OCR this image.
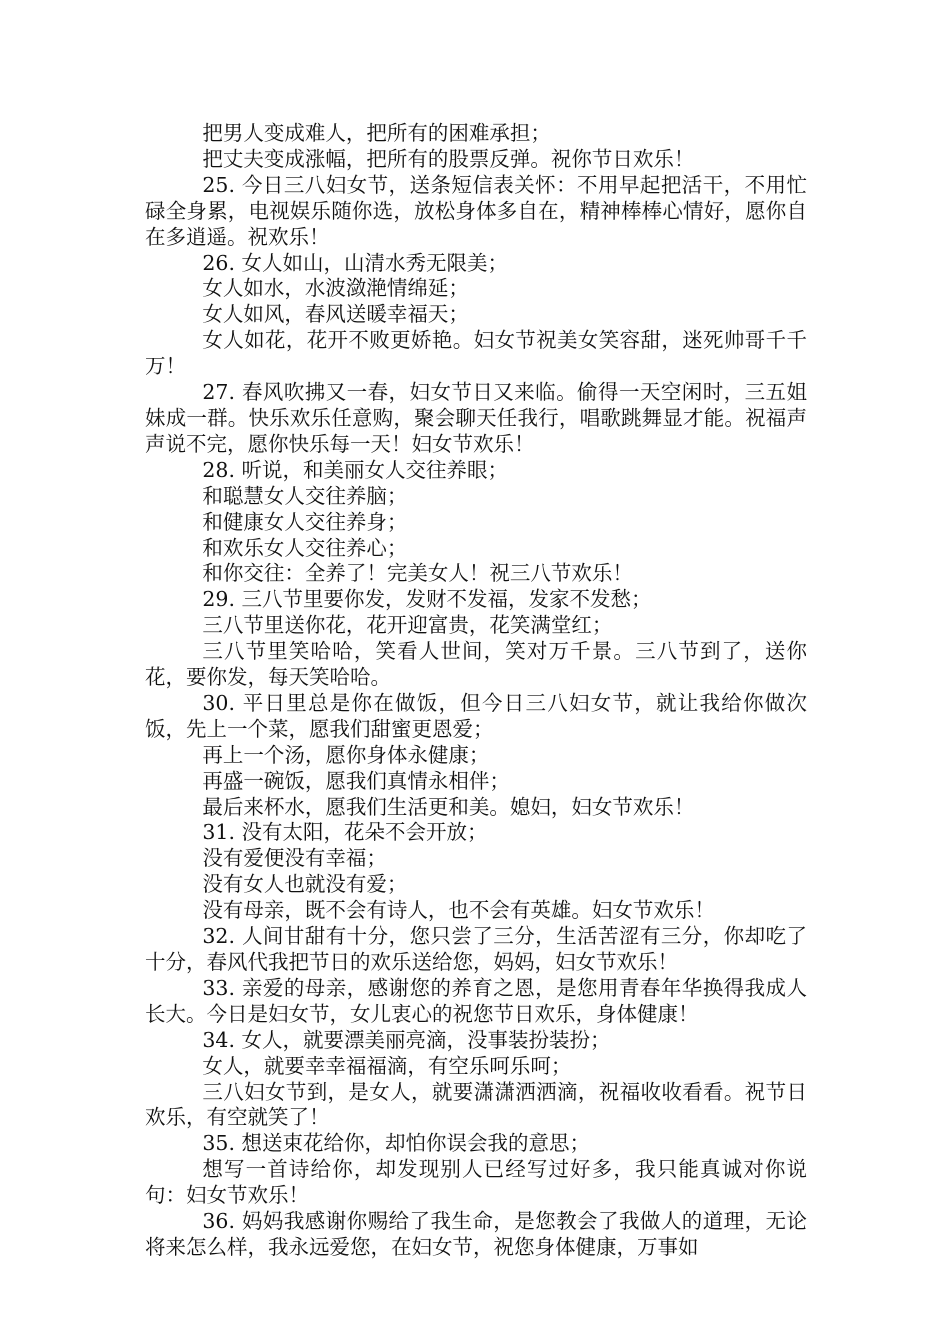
把男人变成难人，把所有的困难承担；

把丈夫变成涨幅，把所有的股票反弹。祝你节日欢乐！

25. 今日三八妇女节，送条短信表关怀：不用早起把活干，不用忙碌全身累，电视娱乐随你选，放松身体多自在，精神棒棒心情好，愿你自在多逍遥。祝欢乐！

26. 女人如山，山清水秀无限美；

女人如水，水波潋滟情绵延；

女人如风，春风送暖幸福天；

女人如花，花开不败更娇艳。妇女节祝美女笑容甜，迷死帅哥千千万！

27. 春风吹拂又一春，妇女节日又来临。偷得一天空闲时，三五姐妹成一群。快乐欢乐任意购，聚会聊天任我行，唱歌跳舞显才能。祝福声声说不完，愿你快乐每一天！妇女节欢乐！

28. 听说，和美丽女人交往养眼；

和聪慧女人交往养脑；

和健康女人交往养身；

和欢乐女人交往养心；

和你交往：全养了！完美女人！祝三八节欢乐！

29. 三八节里要你发，发财不发福，发家不发愁；

三八节里送你花，花开迎富贵，花笑满堂红；

三八节里笑哈哈，笑看人世间，笑对万千景。三八节到了，送你花，要你发，每天笑哈哈。

30. 平日里总是你在做饭，但今日三八妇女节，就让我给你做次饭，先上一个菜，愿我们甜蜜更恩爱；

再上一个汤，愿你身体永健康；

再盛一碗饭，愿我们真情永相伴；

最后来杯水，愿我们生活更和美。媳妇，妇女节欢乐！

31. 没有太阳，花朵不会开放；

没有爱便没有幸福；

没有女人也就没有爱；

没有母亲，既不会有诗人，也不会有英雄。妇女节欢乐！

32. 人间甘甜有十分，您只尝了三分，生活苦涩有三分，你却吃了十分，春风代我把节日的欢乐送给您，妈妈，妇女节欢乐！

33. 亲爱的母亲，感谢您的养育之恩，是您用青春年华换得我成人长大。今日是妇女节，女儿衷心的祝您节日欢乐，身体健康！

34. 女人，就要漂美丽亮滴，没事装扮装扮；

女人，就要幸幸福福滴，有空乐呵乐呵；

三八妇女节到，是女人，就要潇潇洒洒滴，祝福收收看看。祝节日欢乐，有空就笑了！

35. 想送束花给你，却怕你误会我的意思；

想写一首诗给你，却发现别人已经写过好多，我只能真诚对你说句：妇女节欢乐！

36. 妈妈我感谢你赐给了我生命，是您教会了我做人的道理，无论将来怎么样，我永远爱您，在妇女节，祝您身体健康，万事如
